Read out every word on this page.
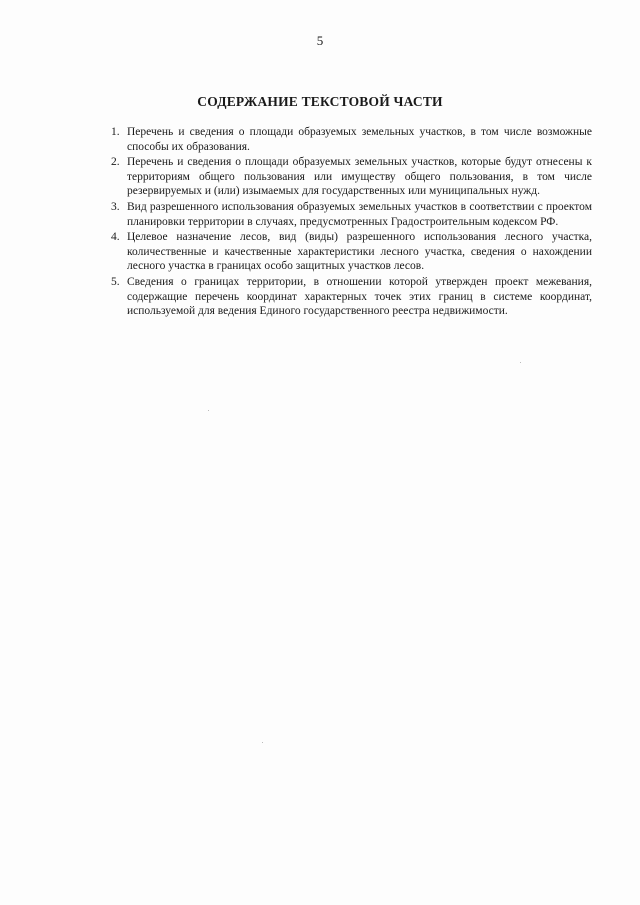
5
СОДЕРЖАНИЕ ТЕКСТОВОЙ ЧАСТИ
1. Перечень и сведения о площади образуемых земельных участков, в том числе возможные способы их образования.
2. Перечень и сведения о площади образуемых земельных участков, которые будут отнесены к территориям общего пользования или имуществу общего пользования, в том числе резервируемых и (или) изымаемых для государственных или муниципальных нужд.
3. Вид разрешенного использования образуемых земельных участков в соответствии с проектом планировки территории в случаях, предусмотренных Градостроительным кодексом РФ.
4. Целевое назначение лесов, вид (виды) разрешенного использования лесного участка, количественные и качественные характеристики лесного участка, сведения о нахождении лесного участка в границах особо защитных участков лесов.
5. Сведения о границах территории, в отношении которой утвержден проект межевания, содержащие перечень координат характерных точек этих границ в системе координат, используемой для ведения Единого государственного реестра недвижимости.
